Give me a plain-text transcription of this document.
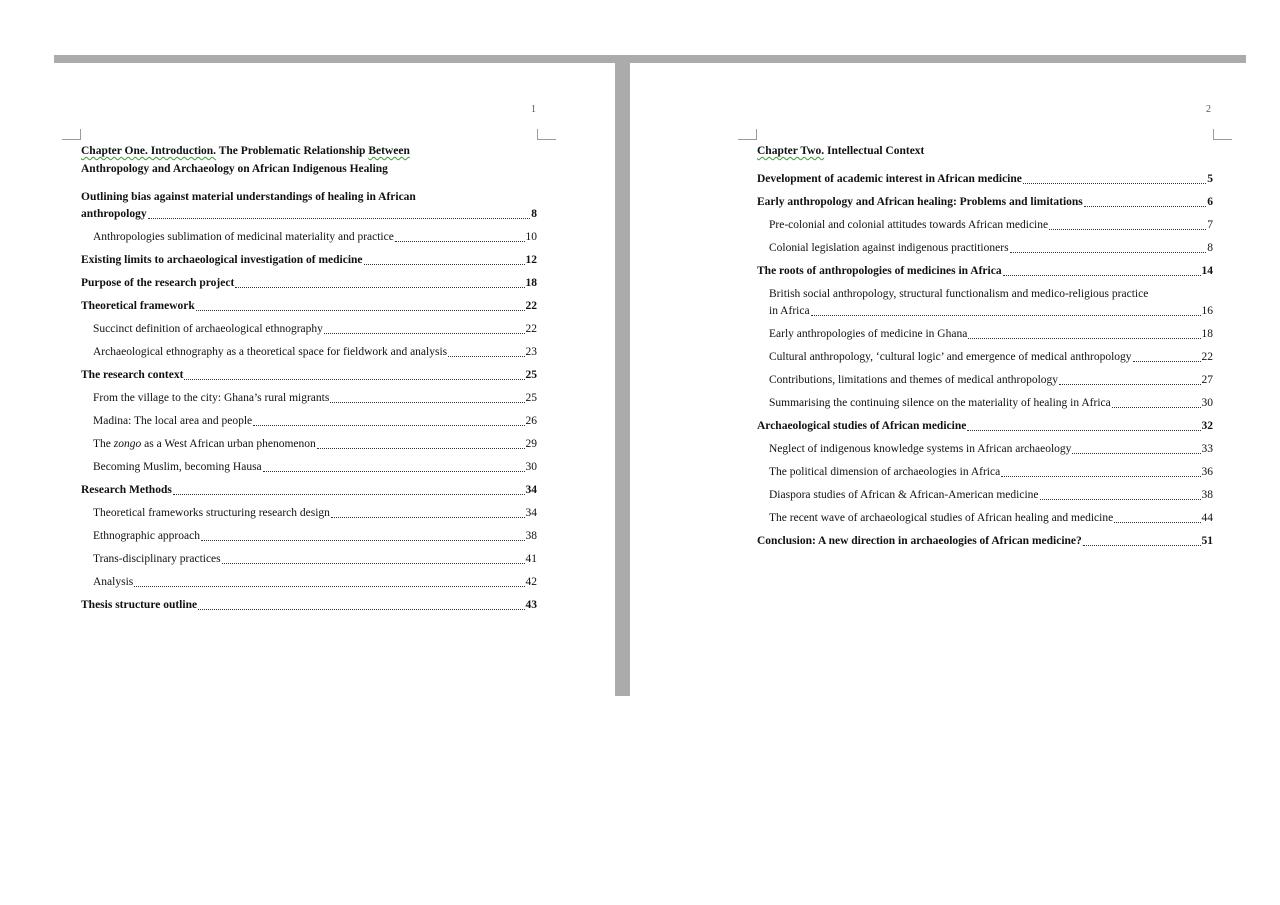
1
Chapter One. Introduction. The Problematic Relationship Between
Anthropology and Archaeology on African Indigenous Healing
Outlining bias against material understandings of healing in African
anthropology	8
Anthropologies sublimation of medicinal materiality and practice	10
Existing limits to archaeological investigation of medicine	12
Purpose of the research project	18
Theoretical framework	22
Succinct definition of archaeological ethnography	22
Archaeological ethnography as a theoretical space for fieldwork and analysis	23
The research context	25
From the village to the city: Ghana’s rural migrants	25
Madina: The local area and people	26
The zongo as a West African urban phenomenon	29
Becoming Muslim, becoming Hausa	30
Research Methods	34
Theoretical frameworks structuring research design	34
Ethnographic approach	38
Trans-disciplinary practices	41
Analysis	42
Thesis structure outline	43
2
Chapter Two. Intellectual Context
Development of academic interest in African medicine	5
Early anthropology and African healing: Problems and limitations	6
Pre-colonial and colonial attitudes towards African medicine	7
Colonial legislation against indigenous practitioners	8
The roots of anthropologies of medicines in Africa	14
British social anthropology, structural functionalism and medico-religious practice
in Africa	16
Early anthropologies of medicine in Ghana	18
Cultural anthropology, ‘cultural logic’ and emergence of medical anthropology	22
Contributions, limitations and themes of medical anthropology	27
Summarising the continuing silence on the materiality of healing in Africa	30
Archaeological studies of African medicine	32
Neglect of indigenous knowledge systems in African archaeology	33
The political dimension of archaeologies in Africa	36
Diaspora studies of African & African-American medicine	38
The recent wave of archaeological studies of African healing and medicine	44
Conclusion: A new direction in archaeologies of African medicine?	51
